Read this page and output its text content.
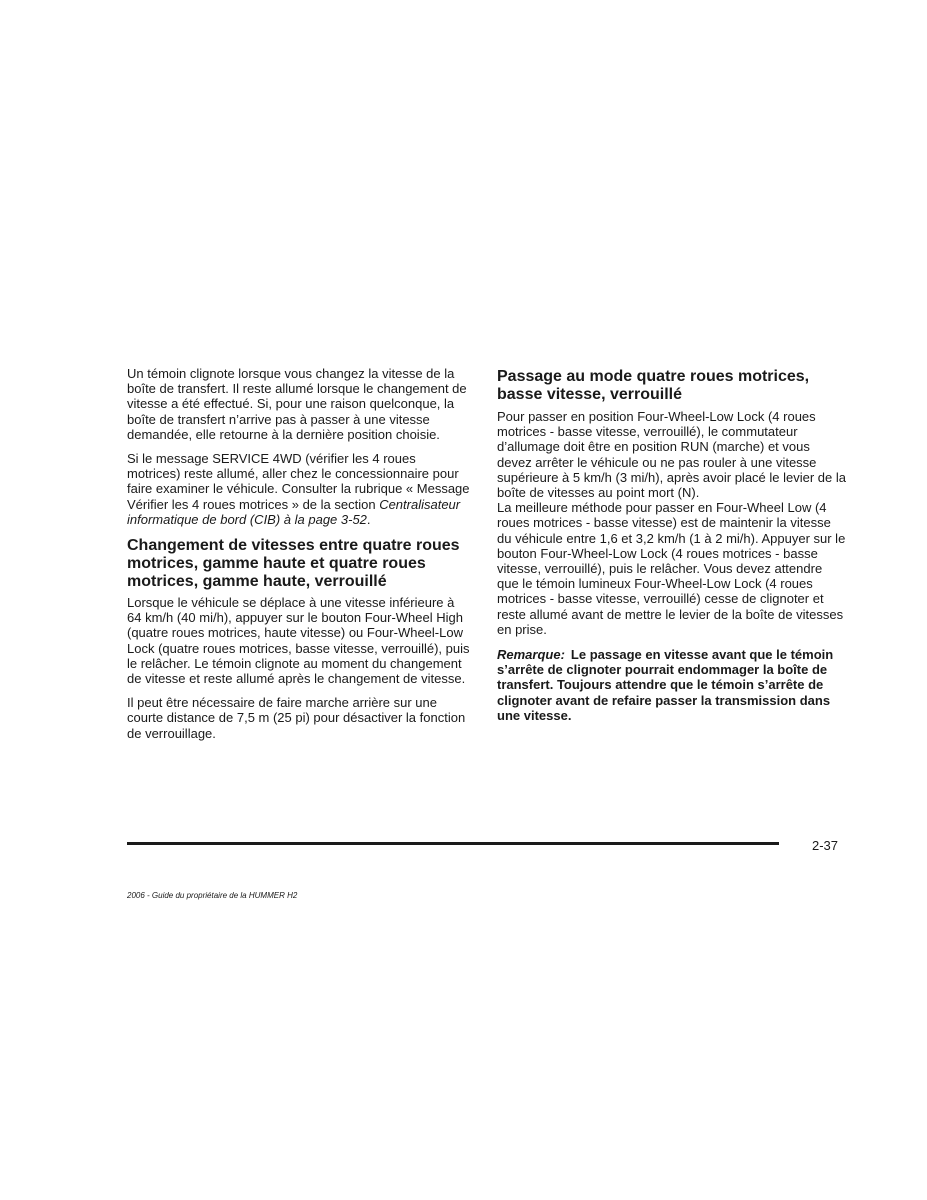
Un témoin clignote lorsque vous changez la vitesse de la boîte de transfert. Il reste allumé lorsque le changement de vitesse a été effectué. Si, pour une raison quelconque, la boîte de transfert n’arrive pas à passer à une vitesse demandée, elle retourne à la dernière position choisie.

Si le message SERVICE 4WD (vérifier les 4 roues motrices) reste allumé, aller chez le concessionnaire pour faire examiner le véhicule. Consulter la rubrique « Message Vérifier les 4 roues motrices » de la section Centralisateur informatique de bord (CIB) à la page 3-52.

Changement de vitesses entre quatre roues motrices, gamme haute et quatre roues motrices, gamme haute, verrouillé

Lorsque le véhicule se déplace à une vitesse inférieure à 64 km/h (40 mi/h), appuyer sur le bouton Four-Wheel High (quatre roues motrices, haute vitesse) ou Four-Wheel-Low Lock (quatre roues motrices, basse vitesse, verrouillé), puis le relâcher. Le témoin clignote au moment du changement de vitesse et reste allumé après le changement de vitesse.

Il peut être nécessaire de faire marche arrière sur une courte distance de 7,5 m (25 pi) pour désactiver la fonction de verrouillage.

Passage au mode quatre roues motrices, basse vitesse, verrouillé

Pour passer en position Four-Wheel-Low Lock (4 roues motrices - basse vitesse, verrouillé), le commutateur d’allumage doit être en position RUN (marche) et vous devez arrêter le véhicule ou ne pas rouler à une vitesse supérieure à 5 km/h (3 mi/h), après avoir placé le levier de la boîte de vitesses au point mort (N).

La meilleure méthode pour passer en Four-Wheel Low (4 roues motrices - basse vitesse) est de maintenir la vitesse du véhicule entre 1,6 et 3,2 km/h (1 à 2 mi/h). Appuyer sur le bouton Four-Wheel-Low Lock (4 roues motrices - basse vitesse, verrouillé), puis le relâcher. Vous devez attendre que le témoin lumineux Four-Wheel-Low Lock (4 roues motrices - basse vitesse, verrouillé) cesse de clignoter et reste allumé avant de mettre le levier de la boîte de vitesses en prise.

Remarque: Le passage en vitesse avant que le témoin s’arrête de clignoter pourrait endommager la boîte de transfert. Toujours attendre que le témoin s’arrête de clignoter avant de refaire passer la transmission dans une vitesse.

2-37
2006 - Guide du propriétaire de la HUMMER H2
